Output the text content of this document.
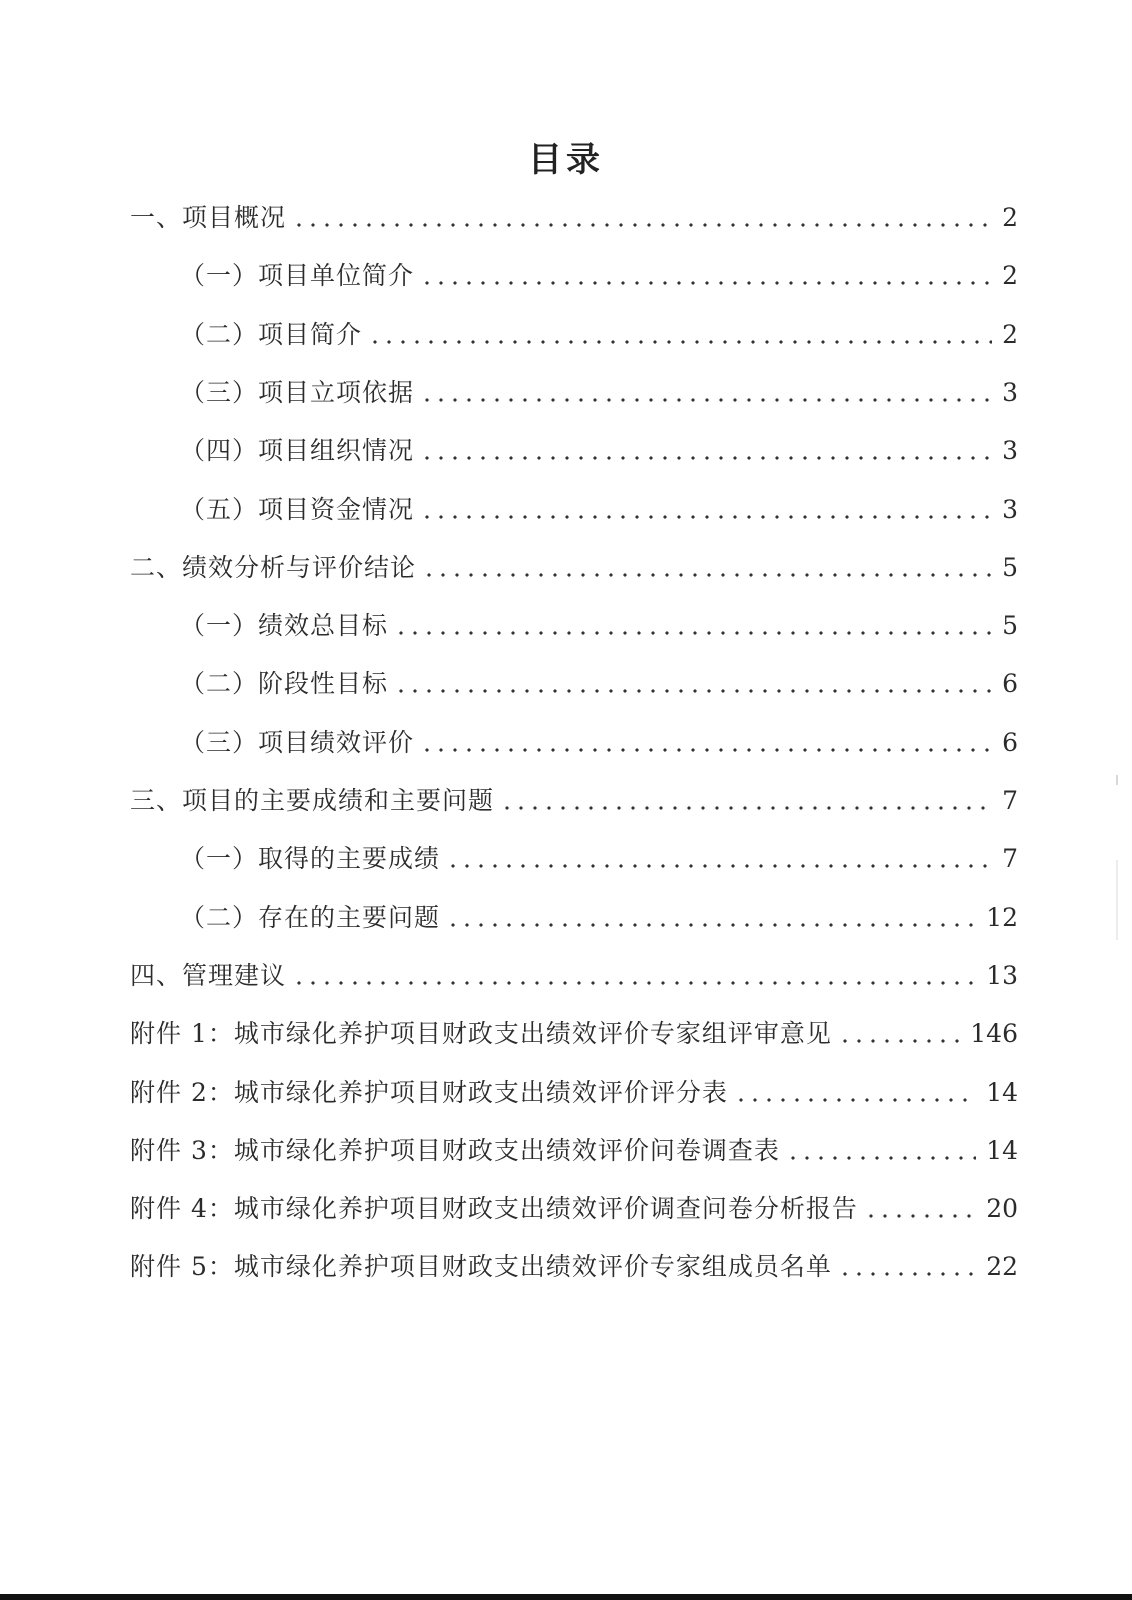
目录
一、项目概况	2
（一）项目单位简介	2
（二）项目简介	2
（三）项目立项依据	3
（四）项目组织情况	3
（五）项目资金情况	3
二、绩效分析与评价结论	5
（一）绩效总目标	5
（二）阶段性目标	6
（三）项目绩效评价	6
三、项目的主要成绩和主要问题	7
（一）取得的主要成绩	7
（二）存在的主要问题	12
四、管理建议	13
附件 1：城市绿化养护项目财政支出绩效评价专家组评审意见	146
附件 2：城市绿化养护项目财政支出绩效评价评分表	14
附件 3：城市绿化养护项目财政支出绩效评价问卷调查表	14
附件 4：城市绿化养护项目财政支出绩效评价调查问卷分析报告	20
附件 5：城市绿化养护项目财政支出绩效评价专家组成员名单	22
